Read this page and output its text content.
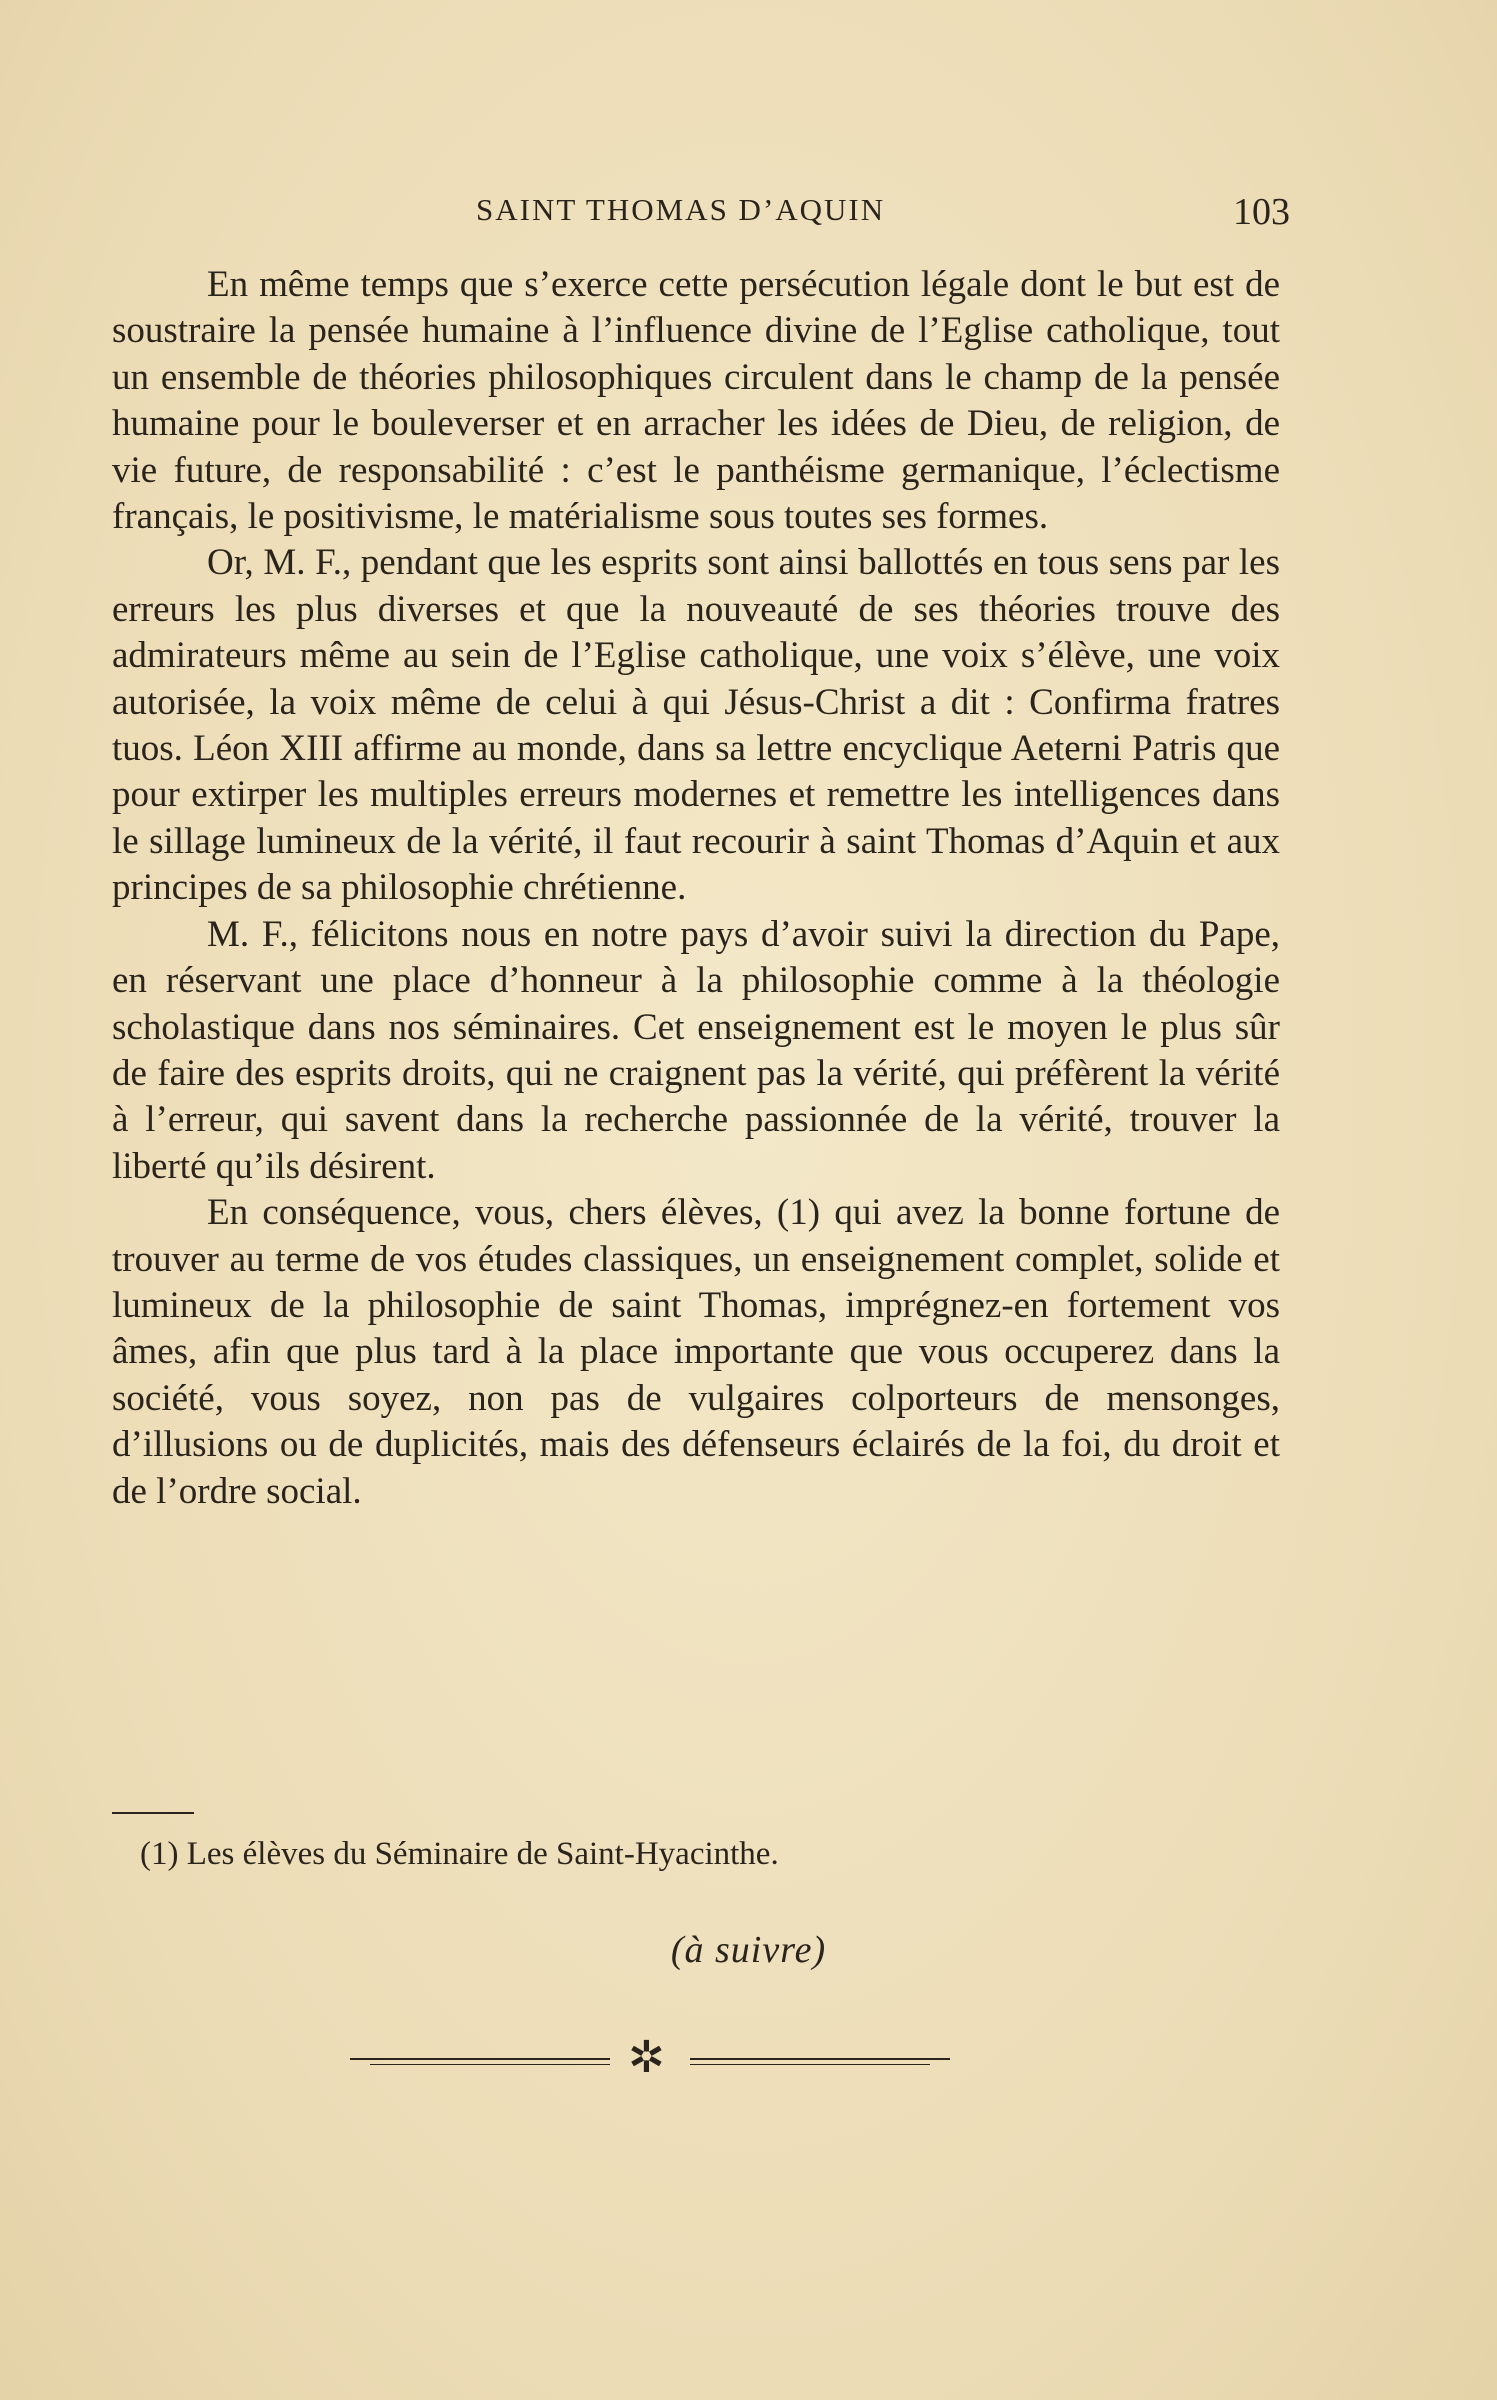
SAINT THOMAS D’AQUIN	103

En même temps que s’exerce cette persécution légale dont le but est de soustraire la pensée humaine à l’influence divine de l’Eglise catholique, tout un ensemble de théories philosophiques circulent dans le champ de la pensée humaine pour le bouleverser et en arracher les idées de Dieu, de religion, de vie future, de responsabilité : c’est le panthéisme germanique, l’éclectisme français, le positivisme, le matérialisme sous toutes ses formes.

Or, M. F., pendant que les esprits sont ainsi ballottés en tous sens par les erreurs les plus diverses et que la nouveauté de ses théories trouve des admirateurs même au sein de l’Eglise catholique, une voix s’élève, une voix autorisée, la voix même de celui à qui Jésus-Christ a dit : Confirma fratres tuos. Léon XIII affirme au monde, dans sa lettre encyclique Aeterni Patris que pour extirper les multiples erreurs modernes et remettre les intelligences dans le sillage lumineux de la vérité, il faut recourir à saint Thomas d’Aquin et aux principes de sa philosophie chrétienne.

M. F., félicitons nous en notre pays d’avoir suivi la direction du Pape, en réservant une place d’honneur à la philosophie comme à la théologie scholastique dans nos séminaires. Cet enseignement est le moyen le plus sûr de faire des esprits droits, qui ne craignent pas la vérité, qui préfèrent la vérité à l’erreur, qui savent dans la recherche passionnée de la vérité, trouver la liberté qu’ils désirent.

En conséquence, vous, chers élèves, (1) qui avez la bonne fortune de trouver au terme de vos études classiques, un enseignement complet, solide et lumineux de la philosophie de saint Thomas, imprégnez-en fortement vos âmes, afin que plus tard à la place importante que vous occuperez dans la société, vous soyez, non pas de vulgaires colporteurs de mensonges, d’illusions ou de duplicités, mais des défenseurs éclairés de la foi, du droit et de l’ordre social.

(1) Les élèves du Séminaire de Saint-Hyacinthe.
(à suivre)
✲
